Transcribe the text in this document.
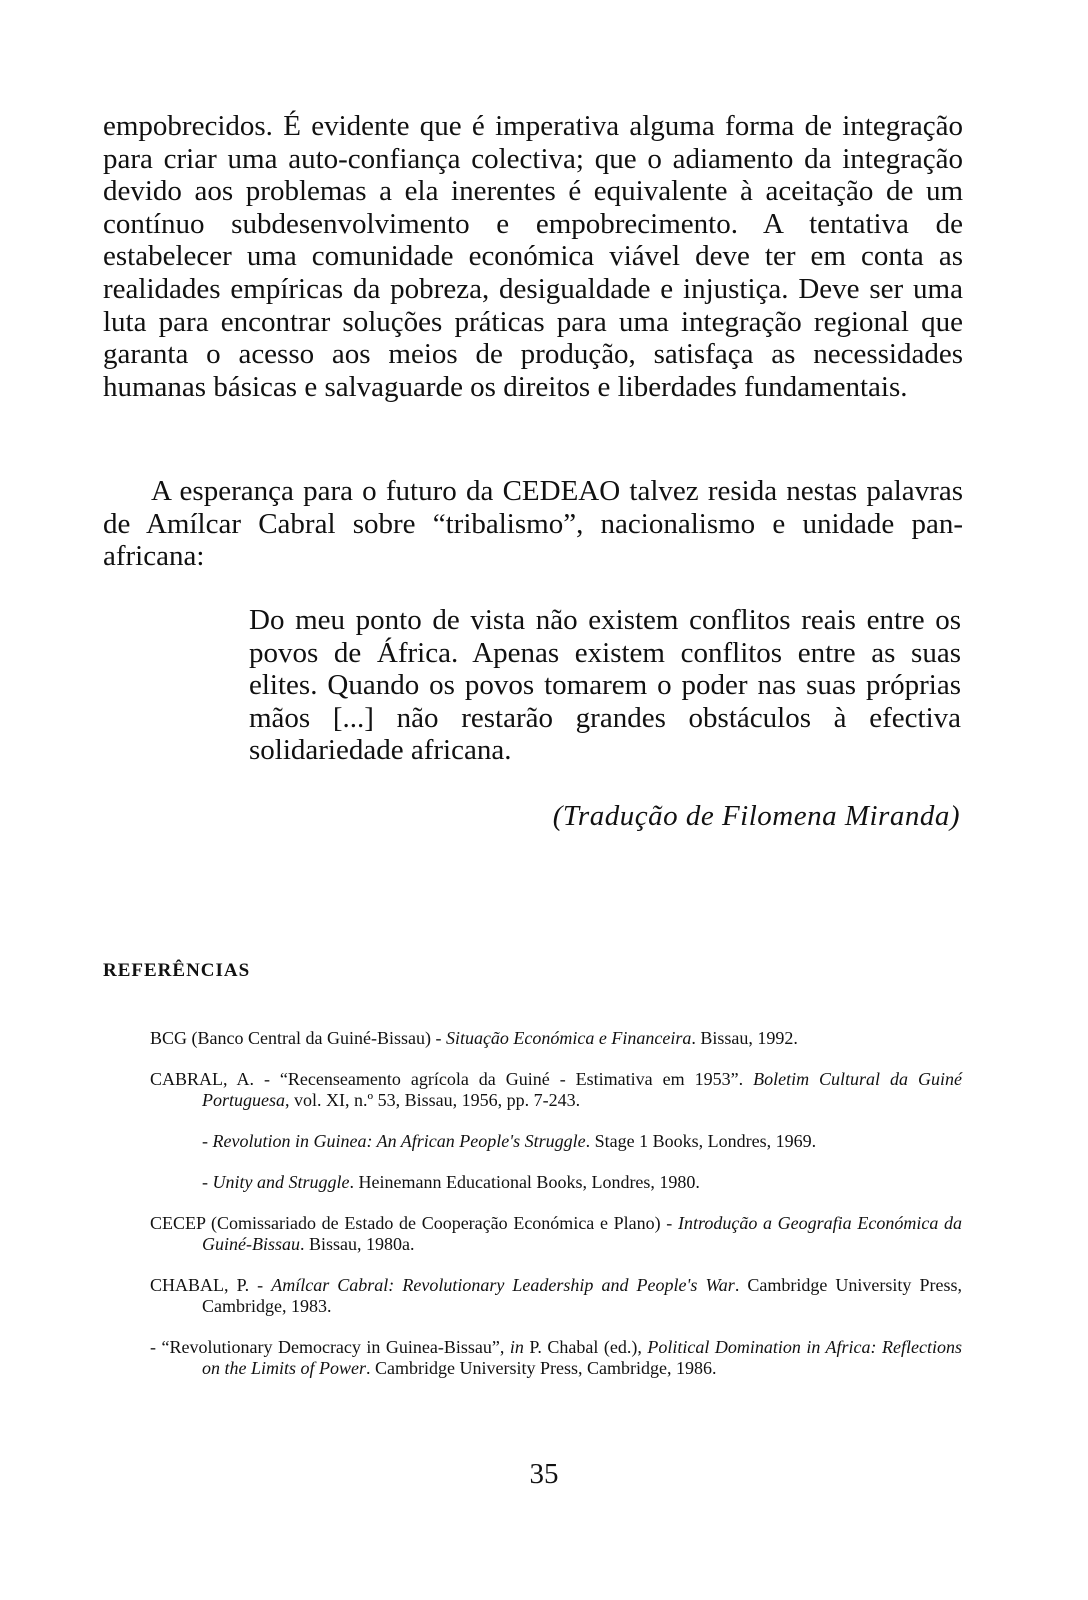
empobrecidos. É evidente que é imperativa alguma forma de integração para criar uma auto-confiança colectiva; que o adiamento da integração devido aos problemas a ela inerentes é equivalente à aceitação de um contínuo subdesenvolvimento e empobrecimento. A tentativa de estabelecer uma comunidade económica viável deve ter em conta as realidades empíricas da pobreza, desigualdade e injustiça. Deve ser uma luta para encontrar soluções práticas para uma integração regional que garanta o acesso aos meios de produção, satisfaça as necessidades humanas básicas e salvaguarde os direitos e liberdades fundamentais.

A esperança para o futuro da CEDEAO talvez resida nestas palavras de Amílcar Cabral sobre “tribalismo”, nacionalismo e unidade pan-africana:

Do meu ponto de vista não existem conflitos reais entre os povos de África. Apenas existem conflitos entre as suas elites. Quando os povos tomarem o poder nas suas próprias mãos [...] não restarão grandes obstáculos à efectiva solidariedade africana.

(Tradução de Filomena Miranda)

REFERÊNCIAS
BCG (Banco Central da Guiné-Bissau) - Situação Económica e Financeira. Bissau, 1992.
CABRAL, A. - “Recenseamento agrícola da Guiné - Estimativa em 1953”. Boletim Cultural da Guiné Portuguesa, vol. XI, n.º 53, Bissau, 1956, pp. 7-243.
- Revolution in Guinea: An African People's Struggle. Stage 1 Books, Londres, 1969.
- Unity and Struggle. Heinemann Educational Books, Londres, 1980.
CECEP (Comissariado de Estado de Cooperação Económica e Plano) - Introdução a Geografia Económica da Guiné-Bissau. Bissau, 1980a.
CHABAL, P. - Amílcar Cabral: Revolutionary Leadership and People's War. Cambridge University Press, Cambridge, 1983.
- “Revolutionary Democracy in Guinea-Bissau”, in P. Chabal (ed.), Political Domination in Africa: Reflections on the Limits of Power. Cambridge University Press, Cambridge, 1986.

35
